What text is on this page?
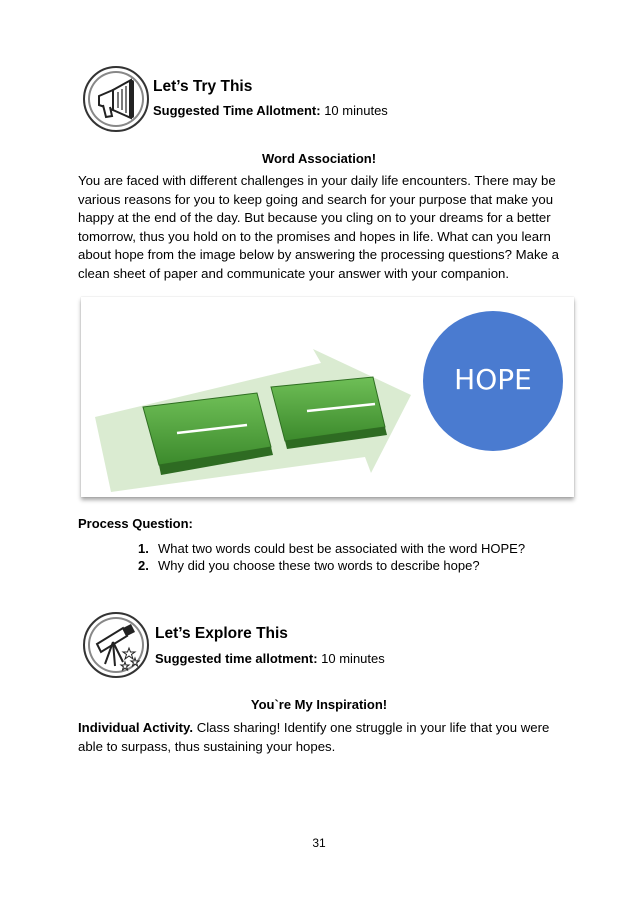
Let’s Try This
Suggested Time Allotment: 10 minutes
Word Association!
You are faced with different challenges in your daily life encounters. There may be various reasons for you to keep going and search for your purpose that make you happy at the end of the day. But because you cling on to your dreams for a better tomorrow, thus you hold on to the promises and hopes in life. What can you learn about hope from the image below by answering the processing questions? Make a clean sheet of paper and communicate your answer with your companion.
HOPE
Process Question:
1. What two words could best be associated with the word HOPE?
2. Why did you choose these two words to describe hope?
Let’s Explore This
Suggested time allotment: 10 minutes
You`re My Inspiration!
Individual Activity. Class sharing! Identify one struggle in your life that you were able to surpass, thus sustaining your hopes.
31
